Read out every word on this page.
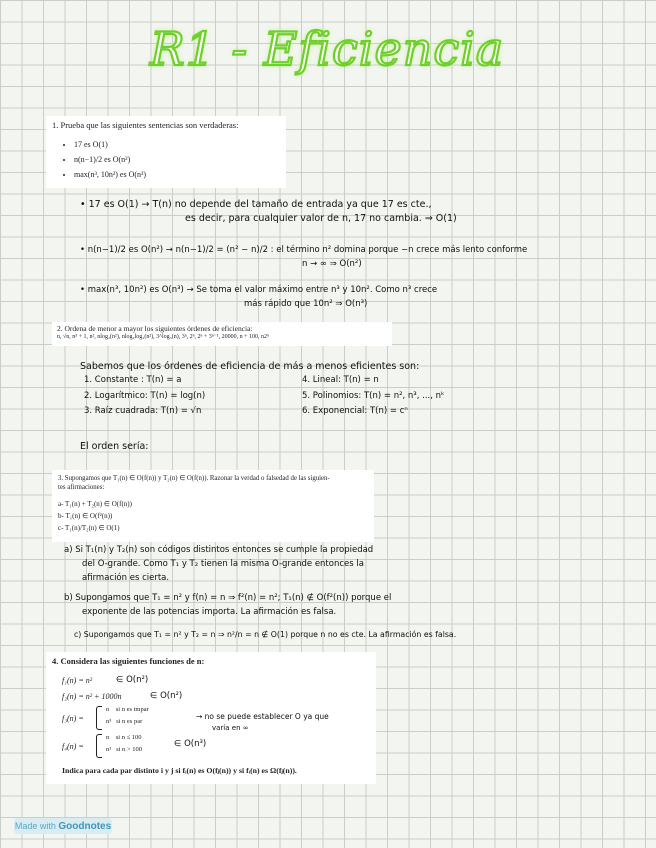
R1 - Eficiencia
1. Prueba que las siguientes sentencias son verdaderas:
• 17 es O(1)
• n(n−1)/2 es O(n²)
• max(n³, 10n²) es O(n³)
• 17 es O(1) → T(n) no depende del tamaño de entrada ya que 17 es cte.,
es decir, para cualquier valor de n, 17 no cambia. ⇒ O(1)
• n(n−1)/2 es O(n²) → n(n−1)/2 = (n² − n)/2 : el término n² domina porque −n crece más lento conforme
n → ∞ ⇒ O(n²)
• max(n³, 10n²) es O(n³) → Se toma el valor máximo entre n³ y 10n². Como n³ crece
más rápido que 10n² ⇒ O(n³)
2. Ordena de menor a mayor los siguientes órdenes de eficiencia:
n, √n, n³ + 1, n², nlog₂(n²), nlog₂log₂(n²), 3^log₃(n), 3ⁿ, 2ⁿ, 2ⁿ + 3ⁿ⁻¹, 20000, n + 100, n2ⁿ
Sabemos que los órdenes de eficiencia de más a menos eficientes son:
1. Constante : T(n) = a
2. Logarítmico: T(n) = log(n)
3. Raíz cuadrada: T(n) = √n
4. Lineal: T(n) = n
5. Polinomios: T(n) = n², n³, ..., nᵏ
6. Exponencial: T(n) = cⁿ
El orden sería:
3. Supongamos que T₁(n) ∈ O(f(n)) y T₂(n) ∈ O(f(n)). Razonar la verdad o falsedad de las siguien-
tes afirmaciones:
a- T₁(n) + T₂(n) ∈ O(f(n))
b- T₁(n) ∈ O(f²(n))
c- T₁(n)/T₂(n) ∈ O(1)
a) Si T₁(n) y T₂(n) son códigos distintos entonces se cumple la propiedad
del O-grande. Como T₁ y T₂ tienen la misma O-grande entonces la
afirmación es cierta.
b) Supongamos que T₁ = n² y f(n) = n ⇒ f²(n) = n²; T₁(n) ∉ O(f²(n)) porque el
exponente de las potencias importa. La afirmación es falsa.
c) Supongamos que T₁ = n² y T₂ = n ⇒ n²/n = n ∉ O(1) porque n no es cte. La afirmación es falsa.
4. Considera las siguientes funciones de n:
f₁(n) = n²	∈ O(n²)
f₂(n) = n² + 1000n	∈ O(n²)
f₃(n) =
n    si n es impar
n³   si n es par
→ no se puede establecer O ya que
varía en ∞
f₄(n) =
n    si n ≤ 100
n³   si n > 100
∈ O(n³)
Indica para cada par distinto i y j si fᵢ(n) es O(fⱼ(n)) y si fᵢ(n) es Ω(fⱼ(n)).
Made with Goodnotes
